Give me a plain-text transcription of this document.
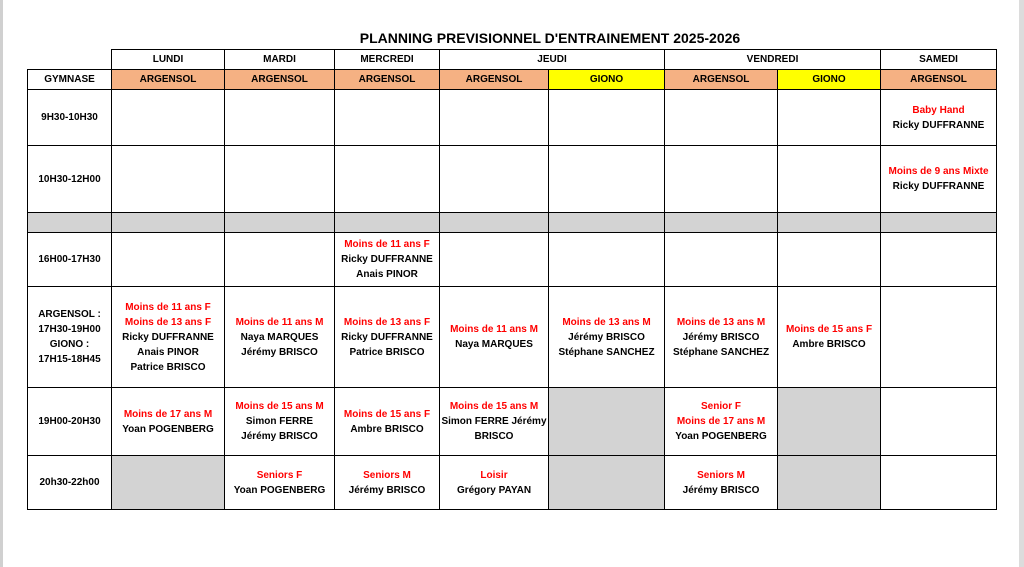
PLANNING PREVISIONNEL D'ENTRAINEMENT 2025-2026
	LUNDI	MARDI	MERCREDI	JEUDI		VENDREDI		SAMEDI
GYMNASE	ARGENSOL	ARGENSOL	ARGENSOL	ARGENSOL	GIONO	ARGENSOL	GIONO	ARGENSOL
9H30-10H30								Baby Hand
Ricky DUFFRANNE

10H30-12H00								Moins de 9 ans Mixte
Ricky DUFFRANNE

16H00-17H30			Moins de 11 ans F
Ricky DUFFRANNE
Anais PINOR					

ARGENSOL :
17H30-19H00
GIONO :
17H15-18H45	Moins de 11 ans F
Moins de 13 ans F
Ricky DUFFRANNE
Anais PINOR
Patrice BRISCO	Moins de 11 ans M
Naya MARQUES
Jérémy BRISCO	Moins de 13 ans F
Ricky DUFFRANNE
Patrice BRISCO	Moins de 11 ans M
Naya MARQUES	Moins de 13 ans M
Jérémy BRISCO
Stéphane SANCHEZ	Moins de 13 ans M
Jérémy BRISCO
Stéphane SANCHEZ	Moins de 15 ans F
Ambre BRISCO	

19H00-20H30	Moins de 17 ans M
Yoan POGENBERG	Moins de 15 ans M
Simon FERRE
Jérémy BRISCO	Moins de 15 ans F
Ambre BRISCO	Moins de 15 ans M
Simon FERRE Jérémy
BRISCO		Senior F
Moins de 17 ans M
Yoan POGENBERG		

20h30-22h00		Seniors F
Yoan POGENBERG	Seniors M
Jérémy BRISCO	Loisir
Grégory PAYAN		Seniors M
Jérémy BRISCO		
